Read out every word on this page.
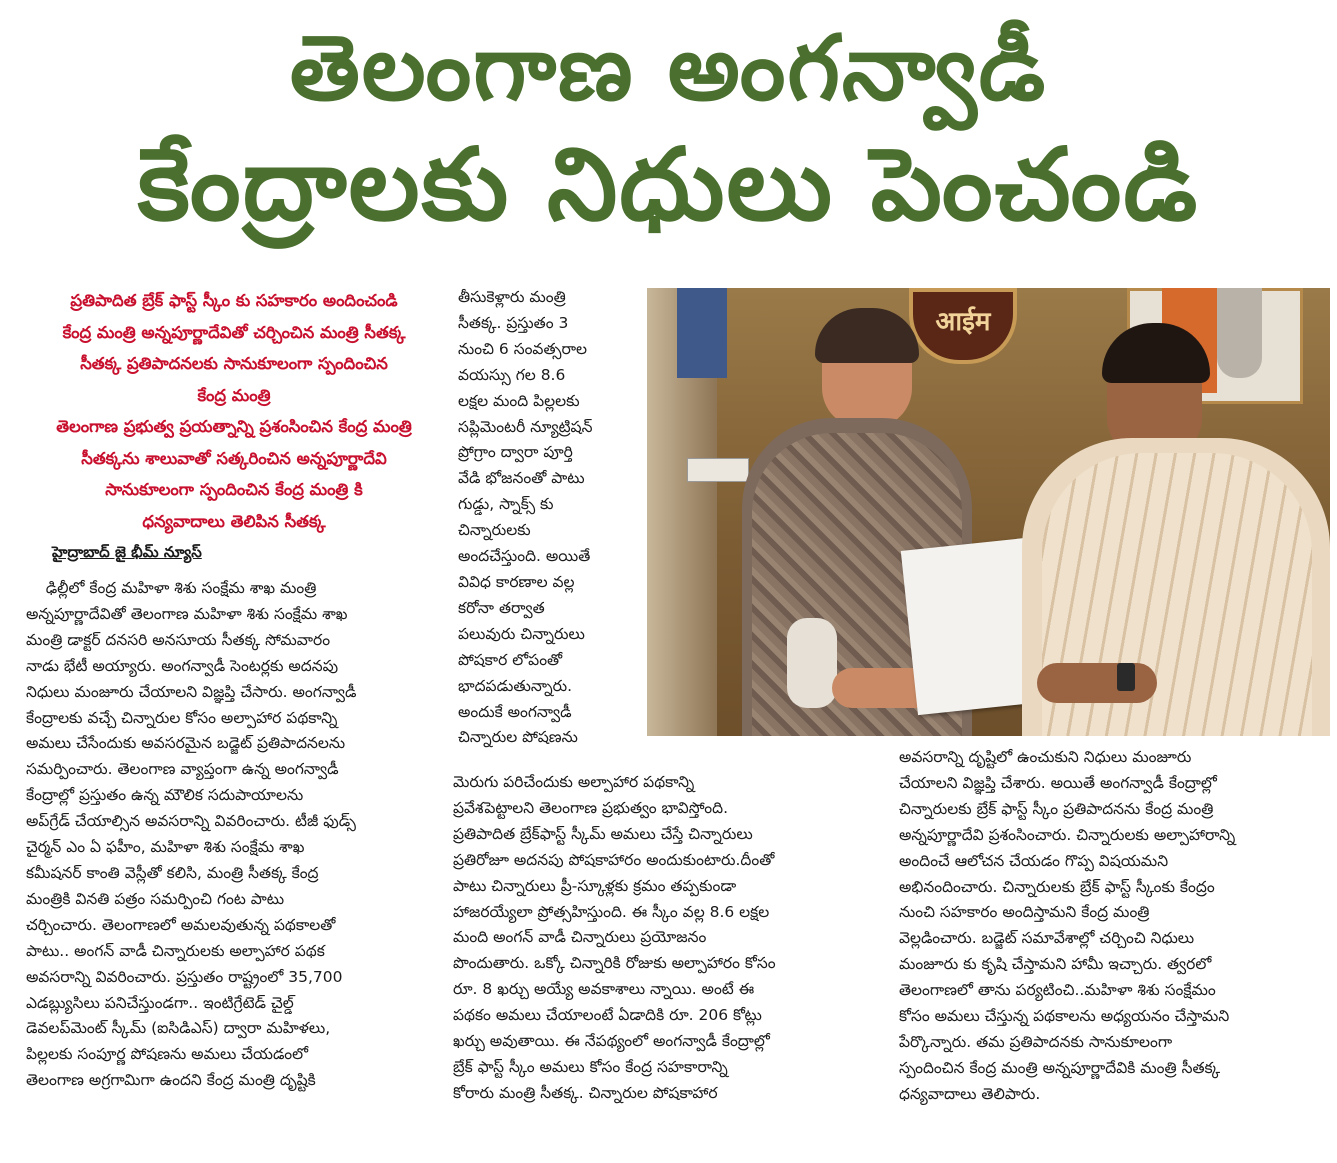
తెలంగాణ అంగన్వాడీ
కేంద్రాలకు నిధులు పెంచండి
ప్రతిపాదిత బ్రేక్ ఫాస్ట్ స్కీం కు సహకారం అందించండి
కేంద్ర మంత్రి అన్నపూర్ణాదేవితో చర్చించిన మంత్రి సీతక్క
సీతక్క ప్రతిపాదనలకు సానుకూలంగా స్పందించిన
కేంద్ర మంత్రి
తెలంగాణ ప్రభుత్వ ప్రయత్నాన్ని ప్రశంసించిన కేంద్ర మంత్రి
సీతక్కను శాలువాతో సత్కరించిన అన్నపూర్ణాదేవి
సానుకూలంగా స్పందించిన కేంద్ర మంత్రి కి
ధన్యవాదాలు తెలిపిన సీతక్క
హైద్రాబాద్ జై భీమ్ న్యూస్
ఢిల్లీలో కేంద్ర మహిళా శిశు సంక్షేమ శాఖ మంత్రి
అన్నపూర్ణాదేవితో తెలంగాణ మహిళా శిశు సంక్షేమ శాఖ
మంత్రి డాక్టర్ దనసరి అనసూయ సీతక్క సోమవారం
నాడు భేటీ అయ్యారు. అంగన్వాడీ సెంటర్లకు అదనపు
నిధులు మంజూరు చేయాలని విజ్ఞప్తి చేసారు. అంగన్వాడీ
కేంద్రాలకు వచ్చే చిన్నారుల కోసం అల్పాహార పథకాన్ని
అమలు చేసేందుకు అవసరమైన బడ్జెట్ ప్రతిపాదనలను
సమర్పించారు. తెలంగాణ వ్యాప్తంగా ఉన్న అంగన్వాడీ
కేంద్రాల్లో ప్రస్తుతం ఉన్న మౌలిక సదుపాయాలను
అప్‌గ్రేడ్ చేయాల్సిన అవసరాన్ని వివరించారు. టీజీ ఫుడ్స్
చైర్మన్ ఎం ఏ ఫహీం, మహిళా శిశు సంక్షేమ శాఖ
కమీషనర్ కాంతి వెస్లీతో కలిసి, మంత్రి సీతక్క కేంద్ర
మంత్రికి వినతి పత్రం సమర్పించి గంట పాటు
చర్చించారు. తెలంగాణలో అమలవుతున్న పథకాలతో
పాటు.. అంగన్ వాడీ చిన్నారులకు అల్పాహార పథక
అవసరాన్ని వివరించారు. ప్రస్తుతం రాష్ట్రంలో 35,700
ఎడబ్ల్యుసిలు పనిచేస్తుండగా.. ఇంటిగ్రేటెడ్ చైల్డ్
డెవలప్‌మెంట్ స్కీమ్ (ఐసిడిఎస్) ద్వారా మహిళలు,
పిల్లలకు సంపూర్ణ పోషణను అమలు చేయడంలో
తెలంగాణ అగ్రగామిగా ఉందని కేంద్ర మంత్రి దృష్టికి
తీసుకెళ్లారు మంత్రి
సీతక్క. ప్రస్తుతం 3
నుంచి 6 సంవత్సరాల
వయస్సు గల 8.6
లక్షల మంది పిల్లలకు
సప్లిమెంటరీ న్యూట్రిషన్
ప్రోగ్రాం ద్వారా పూర్తి
వేడి భోజనంతో పాటు
గుడ్డు, స్నాక్స్ కు
చిన్నారులకు
అందచేస్తుంది. అయితే
వివిధ కారణాల వల్ల
కరోనా తర్వాత
పలువురు చిన్నారులు
పోషకార లోపంతో
భాదపడుతున్నారు.
అందుకే అంగన్వాడీ
చిన్నారుల పోషణను
మెరుగు పరిచేందుకు అల్పాహార పథకాన్ని
ప్రవేశపెట్టాలని తెలంగాణ ప్రభుత్వం భావిస్తోంది.
ప్రతిపాదిత బ్రేక్‌ఫాస్ట్ స్కీమ్ అమలు చేస్తే చిన్నారులు
ప్రతిరోజూ అదనపు పోషకాహారం అందుకుంటారు.దీంతో
పాటు చిన్నారులు ప్రీ-స్కూళ్లకు క్రమం తప్పకుండా
హాజరయ్యేలా ప్రోత్సహిస్తుంది. ఈ స్కీం వల్ల 8.6 లక్షల
మంది అంగన్ వాడీ చిన్నారులు ప్రయోజనం
పొందుతారు. ఒక్కో చిన్నారికి రోజుకు అల్పాహారం కోసం
రూ. 8 ఖర్చు అయ్యే అవకాశాలు న్నాయి. అంటే ఈ
పథకం అమలు చేయాలంటే ఏడాదికి రూ. 206 కోట్లు
ఖర్చు అవుతాయి. ఈ నేపథ్యంలో అంగన్వాడీ కేంద్రాల్లో
బ్రేక్ ఫాస్ట్ స్కీం అమలు కోసం కేంద్ర సహకారాన్ని
కోరారు మంత్రి సీతక్క. చిన్నారుల పోషకాహార
అవసరాన్ని దృష్టిలో ఉంచుకుని నిధులు మంజూరు
చేయాలని విజ్ఞప్తి చేశారు. అయితే అంగన్వాడీ కేంద్రాల్లో
చిన్నారులకు బ్రేక్ ఫాస్ట్ స్కీం ప్రతిపాదనను కేంద్ర మంత్రి
అన్నపూర్ణాదేవి ప్రశంసించారు. చిన్నారులకు అల్పాహారాన్ని
అందించే ఆలోచన చేయడం గొప్ప విషయమని
అభినందించారు. చిన్నారులకు బ్రేక్ ఫాస్ట్ స్కీంకు కేంద్రం
నుంచి సహకారం అందిస్తామని కేంద్ర మంత్రి
వెల్లడించారు. బడ్జెట్ సమావేశాల్లో చర్చించి నిధులు
మంజూరు కు కృషి చేస్తామని హామీ ఇచ్చారు. త్వరలో
తెలంగాణలో తాను పర్యటించి..మహిళా శిశు సంక్షేమం
కోసం అమలు చేస్తున్న పథకాలను అధ్యయనం చేస్తామని
పేర్కొన్నారు. తమ ప్రతిపాదనకు సానుకూలంగా
స్పందించిన కేంద్ర మంత్రి అన్నపూర్ణాదేవికి మంత్రి సీతక్క
ధన్యవాదాలు తెలిపారు.
आईम
